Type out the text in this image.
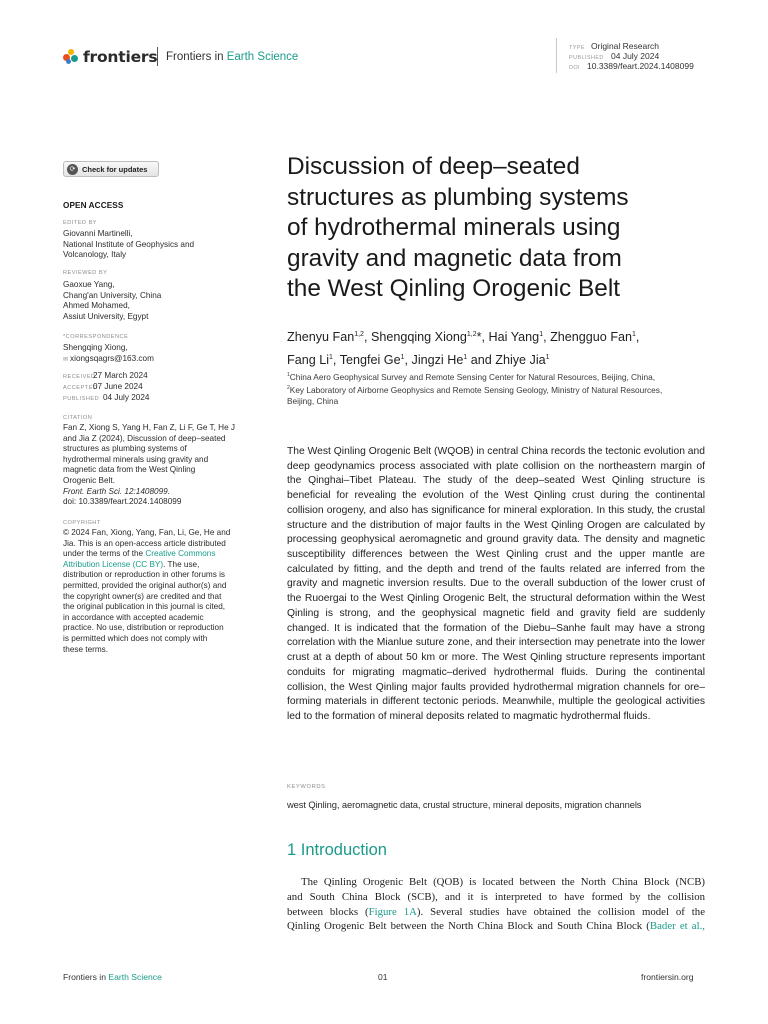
frontiers Frontiers in Earth Science
TYPE Original Research
PUBLISHED 04 July 2024
DOI 10.3389/feart.2024.1408099
⟳ Check for updates
OPEN ACCESS
EDITED BY
Giovanni Martinelli,
National Institute of Geophysics and
Volcanology, Italy
REVIEWED BY
Gaoxue Yang,
Chang'an University, China
Ahmed Mohamed,
Assiut University, Egypt
*CORRESPONDENCE
Shengqing Xiong,
✉ xiongsqagrs@163.com
RECEIVED27 March 2024
ACCEPTED07 June 2024
PUBLISHED 04 July 2024
CITATION
Fan Z, Xiong S, Yang H, Fan Z, Li F, Ge T, He J
and Jia Z (2024), Discussion of deep–seated
structures as plumbing systems of
hydrothermal minerals using gravity and
magnetic data from the West Qinling
Orogenic Belt.
Front. Earth Sci. 12:1408099.
doi: 10.3389/feart.2024.1408099
COPYRIGHT
© 2024 Fan, Xiong, Yang, Fan, Li, Ge, He and
Jia. This is an open-access article distributed
under the terms of the Creative Commons
Attribution License (CC BY). The use,
distribution or reproduction in other forums is
permitted, provided the original author(s) and
the copyright owner(s) are credited and that
the original publication in this journal is cited,
in accordance with accepted academic
practice. No use, distribution or reproduction
is permitted which does not comply with
these terms.
Discussion of deep–seated
structures as plumbing systems
of hydrothermal minerals using
gravity and magnetic data from
the West Qinling Orogenic Belt
Zhenyu Fan$^{1,2}$, Shengqing Xiong$^{1,2}$*, Hai Yang$^1$, Zhengguo Fan$^1$,
Fang Li$^1$, Tengfei Ge$^1$, Jingzi He$^1$ and Zhiye Jia$^1$
$^1$China Aero Geophysical Survey and Remote Sensing Center for Natural Resources, Beijing, China,
$^2$Key Laboratory of Airborne Geophysics and Remote Sensing Geology, Ministry of Natural Resources,
Beijing, China
The West Qinling Orogenic Belt (WQOB) in central China records the tectonic evolution and deep geodynamics process associated with plate collision on the northeastern margin of the Qinghai–Tibet Plateau. The study of the deep–seated West Qinling structure is beneficial for revealing the evolution of the West Qinling crust during the continental collision orogeny, and also has significance for mineral exploration. In this study, the crustal structure and the distribution of major faults in the West Qinling Orogen are calculated by processing geophysical aeromagnetic and ground gravity data. The density and magnetic susceptibility differences between the West Qinling crust and the upper mantle are calculated by fitting, and the depth and trend of the faults related are inferred from the gravity and magnetic inversion results. Due to the overall subduction of the lower crust of the Ruoergai to the West Qinling Orogenic Belt, the structural deformation within the West Qinling is strong, and the geophysical magnetic field and gravity field are suddenly changed. It is indicated that the formation of the Diebu–Sanhe fault may have a strong correlation with the Mianlue suture zone, and their intersection may penetrate into the lower crust at a depth of about 50 km or more. The West Qinling structure represents important conduits for migrating magmatic–derived hydrothermal fluids. During the continental collision, the West Qinling major faults provided hydrothermal migration channels for ore–forming materials in different tectonic periods. Meanwhile, multiple the geological activities led to the formation of mineral deposits related to magmatic hydrothermal fluids.
KEYWORDS
west Qinling, aeromagnetic data, crustal structure, mineral deposits, migration channels
1 Introduction
The Qinling Orogenic Belt (QOB) is located between the North China Block (NCB)
and South China Block (SCB), and it is interpreted to have formed by the collision
between blocks (Figure 1A). Several studies have obtained the collision model of the
Qinling Orogenic Belt between the North China Block and South China Block (Bader et al.,
Frontiers in Earth Science	01	frontiersin.org
